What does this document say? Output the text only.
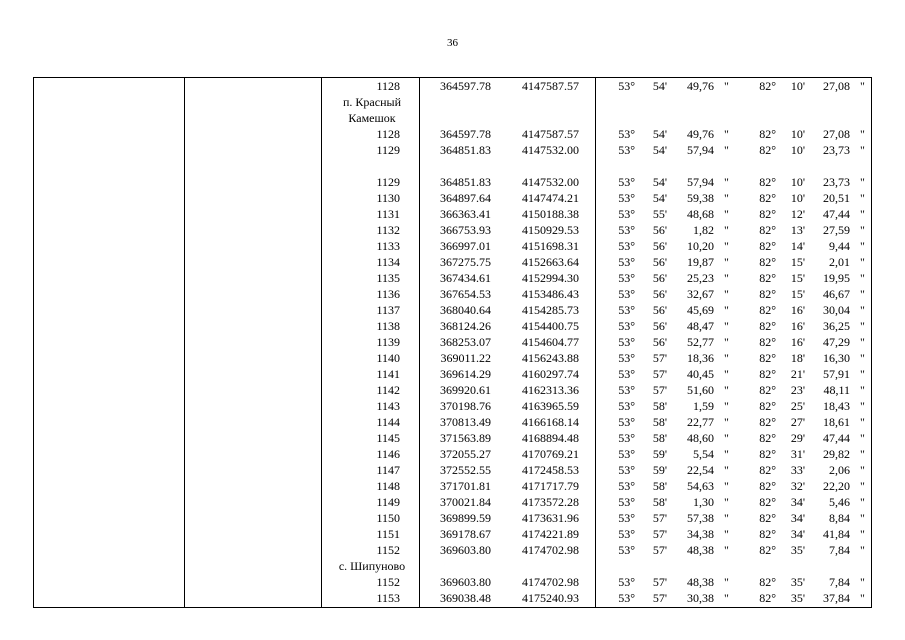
36
1128	364597.78	4147587.57	53°	54'	49,76 "	82°	10'	27,08 "
п. Красный
Камешок
1128	364597.78	4147587.57	53°	54'	49,76 "	82°	10'	27,08 "
1129	364851.83	4147532.00	53°	54'	57,94 "	82°	10'	23,73 "
1129	364851.83	4147532.00	53°	54'	57,94 "	82°	10'	23,73 "
1130	364897.64	4147474.21	53°	54'	59,38 "	82°	10'	20,51 "
1131	366363.41	4150188.38	53°	55'	48,68 "	82°	12'	47,44 "
1132	366753.93	4150929.53	53°	56'	1,82 "	82°	13'	27,59 "
1133	366997.01	4151698.31	53°	56'	10,20 "	82°	14'	9,44 "
1134	367275.75	4152663.64	53°	56'	19,87 "	82°	15'	2,01 "
1135	367434.61	4152994.30	53°	56'	25,23 "	82°	15'	19,95 "
1136	367654.53	4153486.43	53°	56'	32,67 "	82°	15'	46,67 "
1137	368040.64	4154285.73	53°	56'	45,69 "	82°	16'	30,04 "
1138	368124.26	4154400.75	53°	56'	48,47 "	82°	16'	36,25 "
1139	368253.07	4154604.77	53°	56'	52,77 "	82°	16'	47,29 "
1140	369011.22	4156243.88	53°	57'	18,36 "	82°	18'	16,30 "
1141	369614.29	4160297.74	53°	57'	40,45 "	82°	21'	57,91 "
1142	369920.61	4162313.36	53°	57'	51,60 "	82°	23'	48,11 "
1143	370198.76	4163965.59	53°	58'	1,59 "	82°	25'	18,43 "
1144	370813.49	4166168.14	53°	58'	22,77 "	82°	27'	18,61 "
1145	371563.89	4168894.48	53°	58'	48,60 "	82°	29'	47,44 "
1146	372055.27	4170769.21	53°	59'	5,54 "	82°	31'	29,82 "
1147	372552.55	4172458.53	53°	59'	22,54 "	82°	33'	2,06 "
1148	371701.81	4171717.79	53°	58'	54,63 "	82°	32'	22,20 "
1149	370021.84	4173572.28	53°	58'	1,30 "	82°	34'	5,46 "
1150	369899.59	4173631.96	53°	57'	57,38 "	82°	34'	8,84 "
1151	369178.67	4174221.89	53°	57'	34,38 "	82°	34'	41,84 "
1152	369603.80	4174702.98	53°	57'	48,38 "	82°	35'	7,84 "
с. Шипуново
1152	369603.80	4174702.98	53°	57'	48,38 "	82°	35'	7,84 "
1153	369038.48	4175240.93	53°	57'	30,38 "	82°	35'	37,84 "
